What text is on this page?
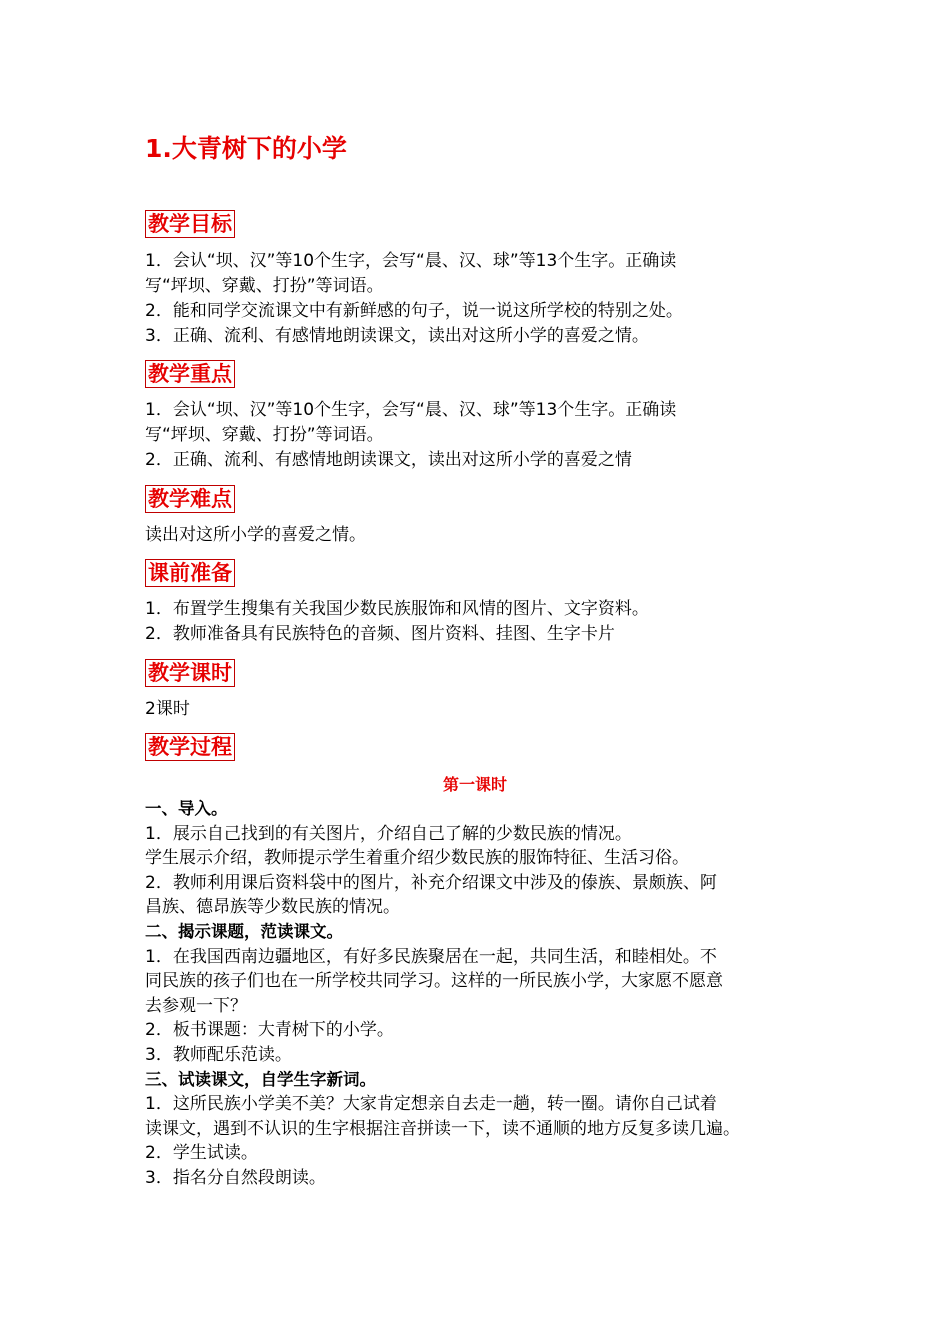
1.大青树下的小学
教学目标

1．会认“坝、汉”等10个生字，会写“晨、汉、球”等13个生字。正确读

写“坪坝、穿戴、打扮”等词语。

2．能和同学交流课文中有新鲜感的句子，说一说这所学校的特别之处。

3．正确、流利、有感情地朗读课文，读出对这所小学的喜爱之情。

教学重点

1．会认“坝、汉”等10个生字，会写“晨、汉、球”等13个生字。正确读

写“坪坝、穿戴、打扮”等词语。

2．正确、流利、有感情地朗读课文，读出对这所小学的喜爱之情

教学难点

读出对这所小学的喜爱之情。

课前准备

1．布置学生搜集有关我国少数民族服饰和风情的图片、文字资料。

2．教师准备具有民族特色的音频、图片资料、挂图、生字卡片

教学课时

2课时

教学过程
第一课时

一、导入。

1．展示自己找到的有关图片，介绍自己了解的少数民族的情况。

学生展示介绍，教师提示学生着重介绍少数民族的服饰特征、生活习俗。

2．教师利用课后资料袋中的图片，补充介绍课文中涉及的傣族、景颇族、阿

昌族、德昂族等少数民族的情况。

二、揭示课题，范读课文。

1．在我国西南边疆地区，有好多民族聚居在一起，共同生活，和睦相处。不

同民族的孩子们也在一所学校共同学习。这样的一所民族小学，大家愿不愿意

去参观一下？

2．板书课题：大青树下的小学。

3．教师配乐范读。

三、试读课文，自学生字新词。

1．这所民族小学美不美？大家肯定想亲自去走一趟，转一圈。请你自己试着

读课文，遇到不认识的生字根据注音拼读一下，读不通顺的地方反复多读几遍。

2．学生试读。

3．指名分自然段朗读。
